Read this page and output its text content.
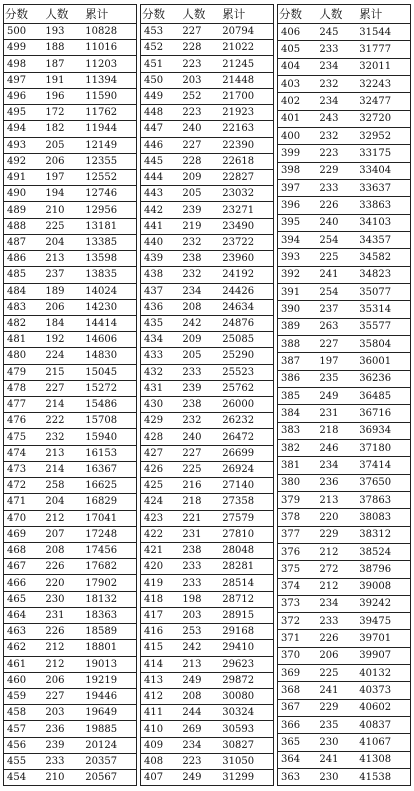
分数	人数	累计
500	193	10828
499	188	11016
498	187	11203
497	191	11394
496	196	11590
495	172	11762
494	182	11944
493	205	12149
492	206	12355
491	197	12552
490	194	12746
489	210	12956
488	225	13181
487	204	13385
486	213	13598
485	237	13835
484	189	14024
483	206	14230
482	184	14414
481	192	14606
480	224	14830
479	215	15045
478	227	15272
477	214	15486
476	222	15708
475	232	15940
474	213	16153
473	214	16367
472	258	16625
471	204	16829
470	212	17041
469	207	17248
468	208	17456
467	226	17682
466	220	17902
465	230	18132
464	231	18363
463	226	18589
462	212	18801
461	212	19013
460	206	19219
459	227	19446
458	203	19649
457	236	19885
456	239	20124
455	233	20357
454	210	20567
分数	人数	累计
453	227	20794
452	228	21022
451	223	21245
450	203	21448
449	252	21700
448	223	21923
447	240	22163
446	227	22390
445	228	22618
444	209	22827
443	205	23032
442	239	23271
441	219	23490
440	232	23722
439	238	23960
438	232	24192
437	234	24426
436	208	24634
435	242	24876
434	209	25085
433	205	25290
432	233	25523
431	239	25762
430	238	26000
429	232	26232
428	240	26472
427	227	26699
426	225	26924
425	216	27140
424	218	27358
423	221	27579
422	231	27810
421	238	28048
420	233	28281
419	233	28514
418	198	28712
417	203	28915
416	253	29168
415	242	29410
414	213	29623
413	249	29872
412	208	30080
411	244	30324
410	269	30593
409	234	30827
408	223	31050
407	249	31299
分数	人数	累计
406	245	31544
405	233	31777
404	234	32011
403	232	32243
402	234	32477
401	243	32720
400	232	32952
399	223	33175
398	229	33404
397	233	33637
396	226	33863
395	240	34103
394	254	34357
393	225	34582
392	241	34823
391	254	35077
390	237	35314
389	263	35577
388	227	35804
387	197	36001
386	235	36236
385	249	36485
384	231	36716
383	218	36934
382	246	37180
381	234	37414
380	236	37650
379	213	37863
378	220	38083
377	229	38312
376	212	38524
375	272	38796
374	212	39008
373	234	39242
372	233	39475
371	226	39701
370	206	39907
369	225	40132
368	241	40373
367	229	40602
366	235	40837
365	230	41067
364	241	41308
363	230	41538
